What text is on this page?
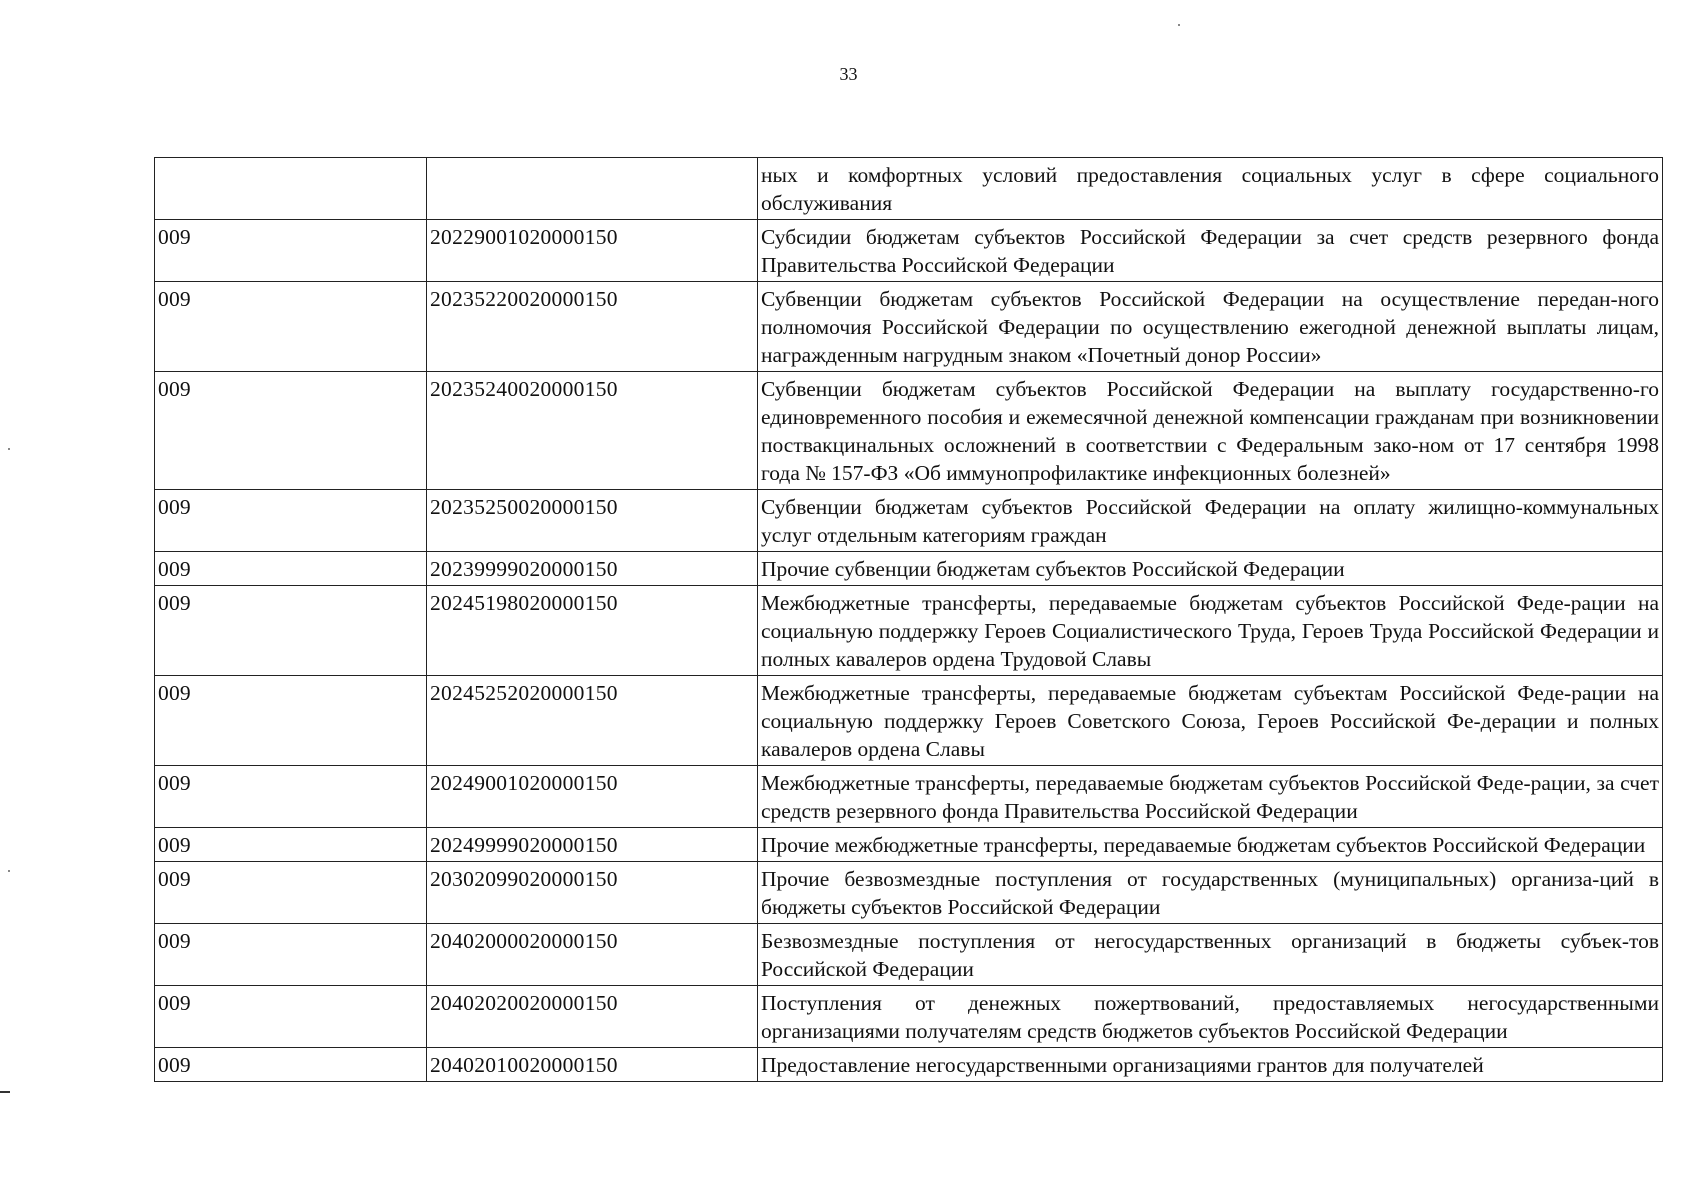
33
		ных и комфортных условий предоставления социальных услуг в сфере социального обслуживания
009	20229001020000150	Субсидии бюджетам субъектов Российской Федерации за счет средств резервного фонда Правительства Российской Федерации
009	20235220020000150	Субвенции бюджетам субъектов Российской Федерации на осуществление передан-ного полномочия Российской Федерации по осуществлению ежегодной денежной выплаты лицам, награжденным нагрудным знаком «Почетный донор России»
009	20235240020000150	Субвенции бюджетам субъектов Российской Федерации на выплату государственно-го единовременного пособия и ежемесячной денежной компенсации гражданам при возникновении поствакцинальных осложнений в соответствии с Федеральным зако-ном от 17 сентября 1998 года № 157-ФЗ «Об иммунопрофилактике инфекционных болезней»
009	20235250020000150	Субвенции бюджетам субъектов Российской Федерации на оплату жилищно-коммунальных услуг отдельным категориям граждан
009	20239999020000150	Прочие субвенции бюджетам субъектов Российской Федерации
009	20245198020000150	Межбюджетные трансферты, передаваемые бюджетам субъектов Российской Феде-рации на социальную поддержку Героев Социалистического Труда, Героев Труда Российской Федерации и полных кавалеров ордена Трудовой Славы
009	20245252020000150	Межбюджетные трансферты, передаваемые бюджетам субъектам Российской Феде-рации на социальную поддержку Героев Советского Союза, Героев Российской Фе-дерации и полных кавалеров ордена Славы
009	20249001020000150	Межбюджетные трансферты, передаваемые бюджетам субъектов Российской Феде-рации, за счет средств резервного фонда Правительства Российской Федерации
009	20249999020000150	Прочие межбюджетные трансферты, передаваемые бюджетам субъектов Российской Федерации
009	20302099020000150	Прочие безвозмездные поступления от государственных (муниципальных) организа-ций в бюджеты субъектов Российской Федерации
009	20402000020000150	Безвозмездные поступления от негосударственных организаций в бюджеты субъек-тов Российской Федерации
009	20402020020000150	Поступления от денежных пожертвований, предоставляемых негосударственными организациями получателям средств бюджетов субъектов Российской Федерации
009	20402010020000150	Предоставление негосударственными организациями грантов для получателей
